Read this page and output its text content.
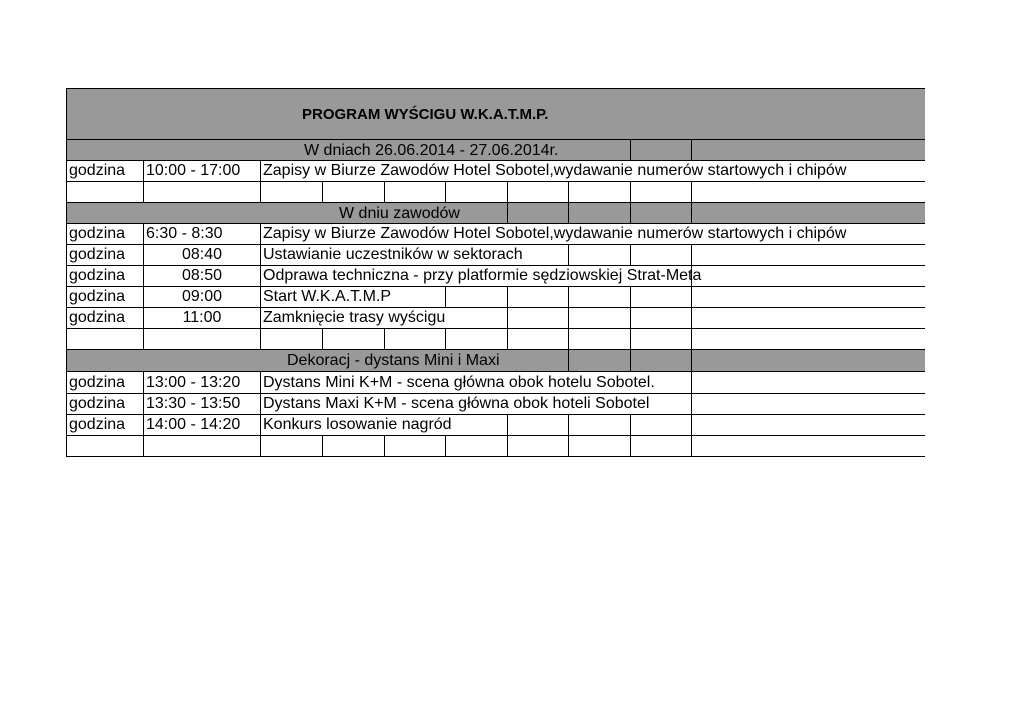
PROGRAM WYŚCIGU W.K.A.T.M.P.
W dniach 26.06.2014 - 27.06.2014r.
godzina 10:00 - 17:00 Zapisy w Biurze Zawodów Hotel Sobotel,wydawanie numerów startowych i chipów
W dniu zawodów
godzina 6:30 - 8:30	Zapisy w Biurze Zawodów Hotel Sobotel,wydawanie numerów startowych i chipów
godzina	08:40	Ustawianie uczestników w sektorach
godzina	08:50	Odprawa techniczna - przy platformie sędziowskiej Strat-Meta
godzina	09:00	Start W.K.A.T.M.P
godzina	11:00	Zamknięcie trasy wyścigu
Dekoracj - dystans Mini i Maxi
godzina 13:00 - 13:20 Dystans Mini K+M - scena główna obok hotelu Sobotel.
godzina 13:30 - 13:50 Dystans Maxi K+M - scena główna obok hoteli Sobotel
godzina 14:00 - 14:20 Konkurs losowanie nagród
